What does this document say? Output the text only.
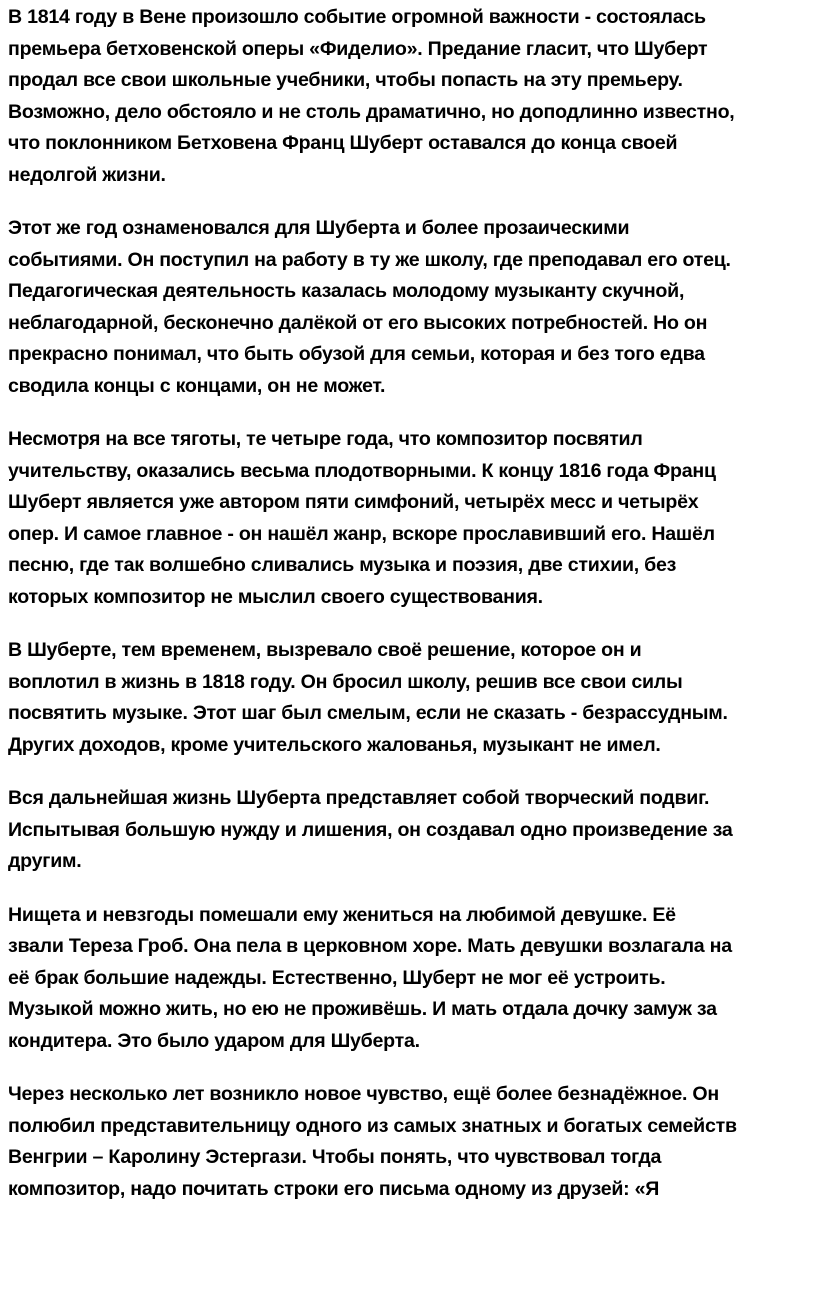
В 1814 году в Вене произошло событие огромной важности - состоялась
премьера бетховенской оперы «Фиделио». Предание гласит, что Шуберт
продал все свои школьные учебники, чтобы попасть на эту премьеру.
Возможно, дело обстояло и не столь драматично, но доподлинно известно,
что поклонником Бетховена Франц Шуберт оставался до конца своей
недолгой жизни.

Этот же год ознаменовался для Шуберта и более прозаическими
событиями. Он поступил на работу в ту же школу, где преподавал его отец.
Педагогическая деятельность казалась молодому музыканту скучной,
неблагодарной, бесконечно далёкой от его высоких потребностей. Но он
прекрасно понимал, что быть обузой для семьи, которая и без того едва
сводила концы с концами, он не может.

Несмотря на все тяготы, те четыре года, что композитор посвятил
учительству, оказались весьма плодотворными. К концу 1816 года Франц
Шуберт является уже автором пяти симфоний, четырёх месс и четырёх
опер. И самое главное - он нашёл жанр, вскоре прославивший его. Нашёл
песню, где так волшебно сливались музыка и поэзия, две стихии, без
которых композитор не мыслил своего существования.

В Шуберте, тем временем, вызревало своё решение, которое он и
воплотил в жизнь в 1818 году. Он бросил школу, решив все свои силы
посвятить музыке. Этот шаг был смелым, если не сказать - безрассудным.
Других доходов, кроме учительского жалованья, музыкант не имел.

Вся дальнейшая жизнь Шуберта представляет собой творческий подвиг.
Испытывая большую нужду и лишения, он создавал одно произведение за
другим.

Нищета и невзгоды помешали ему жениться на любимой девушке. Её
звали Тереза Гроб. Она пела в церковном хоре. Мать девушки возлагала на
её брак большие надежды. Естественно, Шуберт не мог её устроить.
Музыкой можно жить, но ею не проживёшь. И мать отдала дочку замуж за
кондитера. Это было ударом для Шуберта.

Через несколько лет возникло новое чувство, ещё более безнадёжное. Он
полюбил представительницу одного из самых знатных и богатых семейств
Венгрии – Каролину Эстергази. Чтобы понять, что чувствовал тогда
композитор, надо почитать строки его письма одному из друзей: «Я
